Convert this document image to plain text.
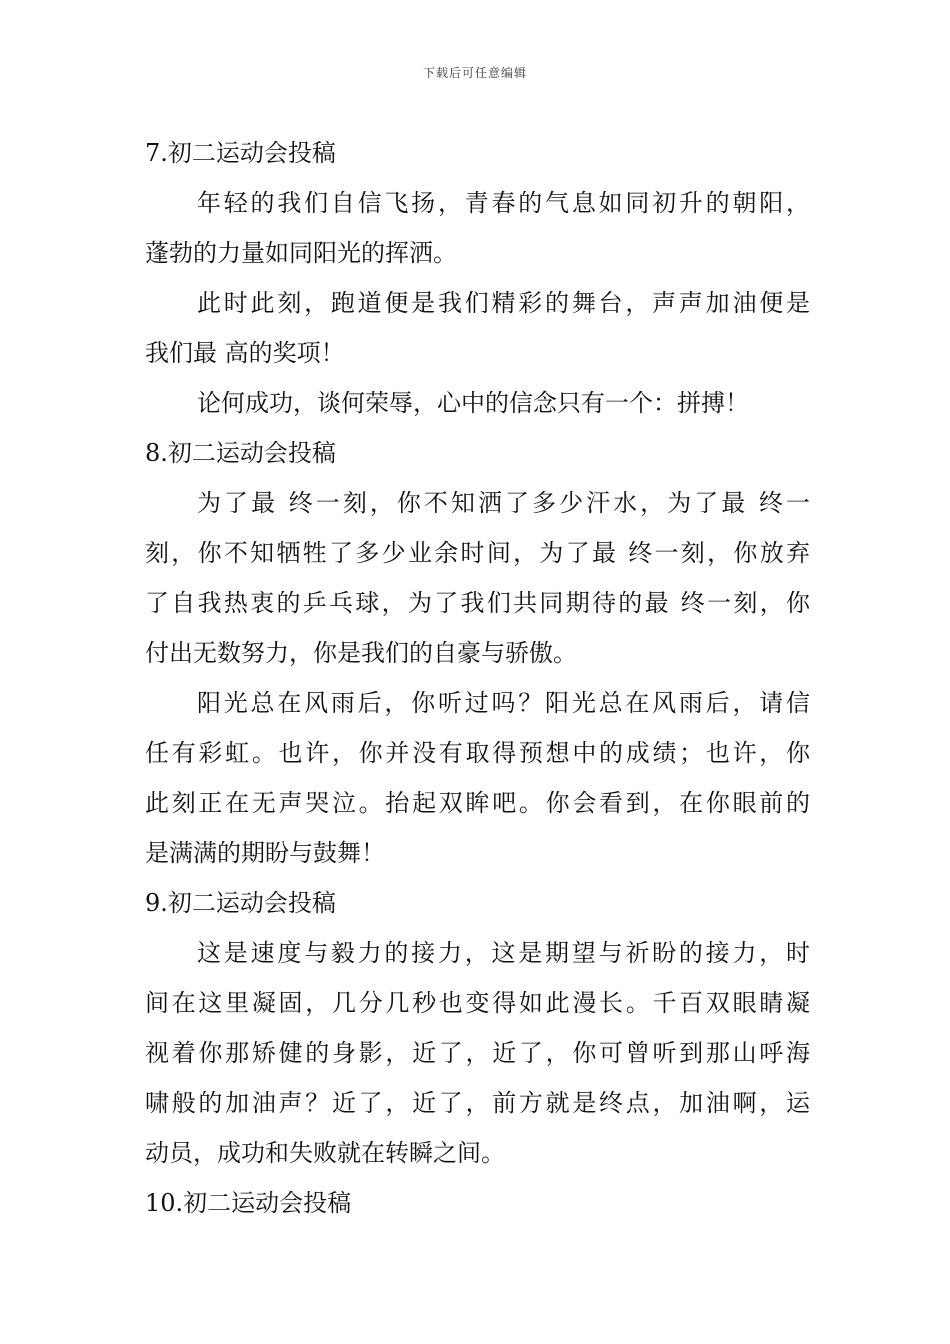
下载后可任意编辑
7.初二运动会投稿
年轻的我们自信飞扬，青春的气息如同初升的朝阳，
蓬勃的力量如同阳光的挥洒。
此时此刻，跑道便是我们精彩的舞台，声声加油便是
我们最 高的奖项！
论何成功，谈何荣辱，心中的信念只有一个：拼搏！
8.初二运动会投稿
为了最 终一刻，你不知洒了多少汗水，为了最 终一
刻，你不知牺牲了多少业余时间，为了最 终一刻，你放弃
了自我热衷的乒乓球，为了我们共同期待的最 终一刻，你
付出无数努力，你是我们的自豪与骄傲。
阳光总在风雨后，你听过吗？阳光总在风雨后，请信
任有彩虹。也许，你并没有取得预想中的成绩；也许，你
此刻正在无声哭泣。抬起双眸吧。你会看到，在你眼前的
是满满的期盼与鼓舞！
9.初二运动会投稿
这是速度与毅力的接力，这是期望与祈盼的接力，时
间在这里凝固，几分几秒也变得如此漫长。千百双眼睛凝
视着你那矫健的身影，近了，近了，你可曾听到那山呼海
啸般的加油声？近了，近了，前方就是终点，加油啊，运
动员，成功和失败就在转瞬之间。
10.初二运动会投稿
